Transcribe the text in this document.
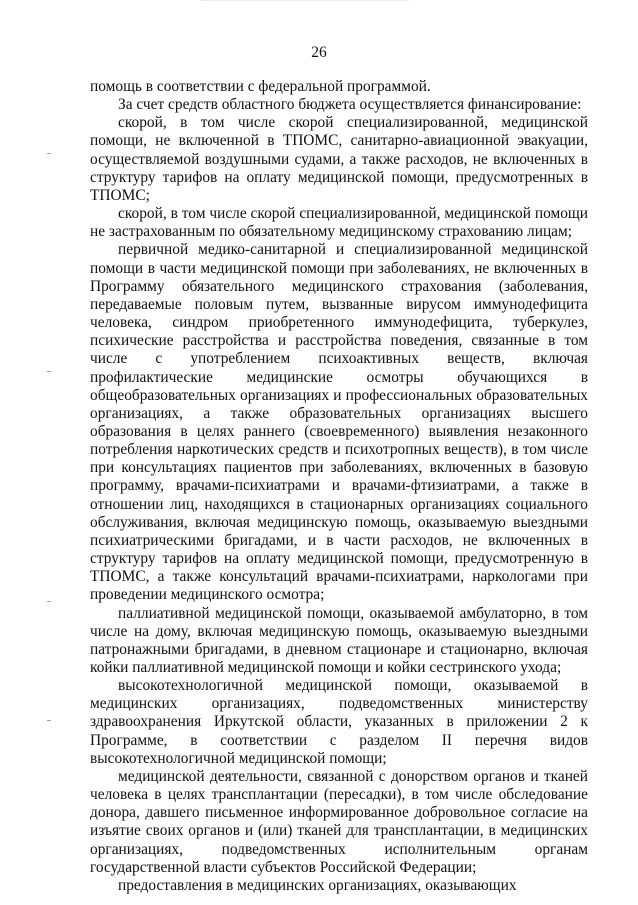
26

помощь в соответствии с федеральной программой.

За счет средств областного бюджета осуществляется финансирование:

скорой, в том числе скорой специализированной, медицинской помощи, не включенной в ТПОМС, санитарно-авиационной эвакуации, осуществляемой воздушными судами, а также расходов, не включенных в структуру тарифов на оплату медицинской помощи, предусмотренных в ТПОМС;

скорой, в том числе скорой специализированной, медицинской помощи не застрахованным по обязательному медицинскому страхованию лицам;

первичной медико-санитарной и специализированной медицинской помощи в части медицинской помощи при заболеваниях, не включенных в Программу обязательного медицинского страхования (заболевания, передаваемые половым путем, вызванные вирусом иммунодефицита человека, синдром приобретенного иммунодефицита, туберкулез, психические расстройства и расстройства поведения, связанные в том числе с употреблением психоактивных веществ, включая профилактические медицинские осмотры обучающихся в общеобразовательных организациях и профессиональных образовательных организациях, а также образовательных организациях высшего образования в целях раннего (своевременного) выявления незаконного потребления наркотических средств и психотропных веществ), в том числе при консультациях пациентов при заболеваниях, включенных в базовую программу, врачами-психиатрами и врачами-фтизиатрами, а также в отношении лиц, находящихся в стационарных организациях социального обслуживания, включая медицинскую помощь, оказываемую выездными психиатрическими бригадами, и в части расходов, не включенных в структуру тарифов на оплату медицинской помощи, предусмотренную в ТПОМС, а также консультаций врачами-психиатрами, наркологами при проведении медицинского осмотра;

паллиативной медицинской помощи, оказываемой амбулаторно, в том числе на дому, включая медицинскую помощь, оказываемую выездными патронажными бригадами, в дневном стационаре и стационарно, включая койки паллиативной медицинской помощи и койки сестринского ухода;

высокотехнологичной медицинской помощи, оказываемой в медицинских организациях, подведомственных министерству здравоохранения Иркутской области, указанных в приложении 2 к Программе, в соответствии с разделом II перечня видов высокотехнологичной медицинской помощи;

медицинской деятельности, связанной с донорством органов и тканей человека в целях трансплантации (пересадки), в том числе обследование донора, давшего письменное информированное добровольное согласие на изъятие своих органов и (или) тканей для трансплантации, в медицинских организациях, подведомственных исполнительным органам государственной власти субъектов Российской Федерации;

предоставления в медицинских организациях, оказывающих
